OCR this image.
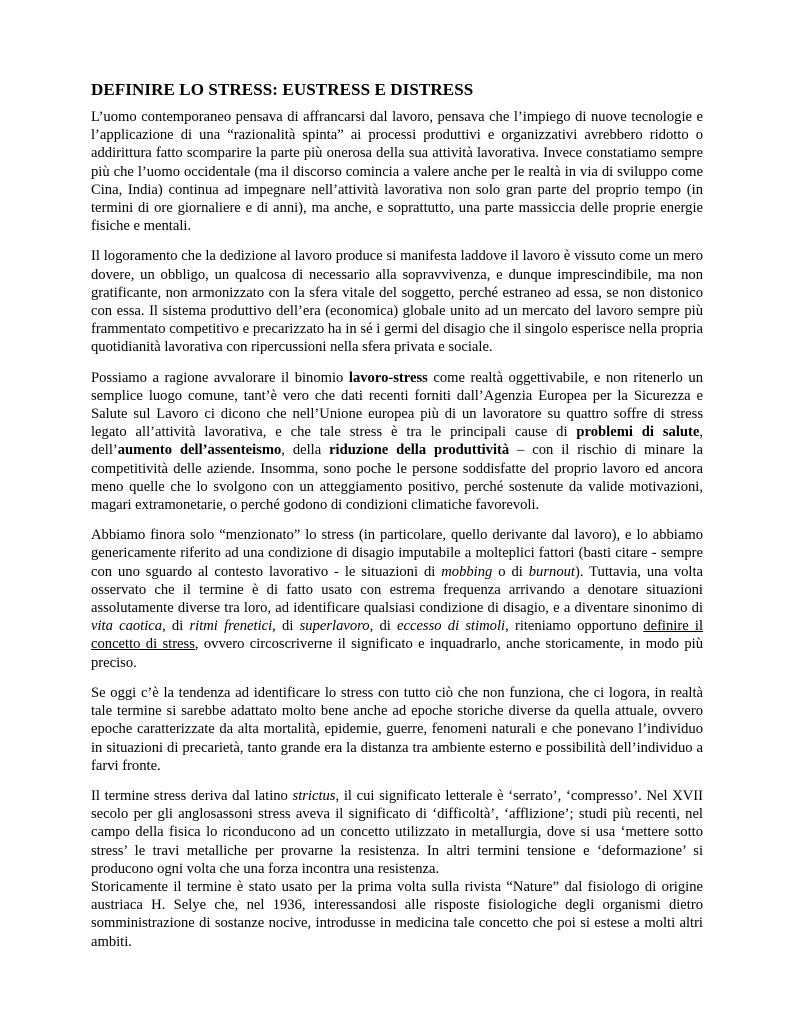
DEFINIRE LO STRESS: EUSTRESS E DISTRESS

L’uomo contemporaneo pensava di affrancarsi dal lavoro, pensava che l’impiego di nuove tecnologie e l’applicazione di una “razionalità spinta” ai processi produttivi e organizzativi avrebbero ridotto o addirittura fatto scomparire la parte più onerosa della sua attività lavorativa. Invece constatiamo sempre più che l’uomo occidentale (ma il discorso comincia a valere anche per le realtà in via di sviluppo come Cina, India) continua ad impegnare nell’attività lavorativa non solo gran parte del proprio tempo (in termini di ore giornaliere e di anni), ma anche, e soprattutto, una parte massiccia delle proprie energie fisiche e mentali.

Il logoramento che la dedizione al lavoro produce si manifesta laddove il lavoro è vissuto come un mero dovere, un obbligo, un qualcosa di necessario alla sopravvivenza, e dunque imprescindibile, ma non gratificante, non armonizzato con la sfera vitale del soggetto, perché estraneo ad essa, se non distonico con essa. Il sistema produttivo dell’era (economica) globale unito ad un mercato del lavoro sempre più frammentato competitivo e precarizzato ha in sé i germi del disagio che il singolo esperisce nella propria quotidianità lavorativa con ripercussioni nella sfera privata e sociale.

Possiamo a ragione avvalorare il binomio lavoro-stress come realtà oggettivabile, e non ritenerlo un semplice luogo comune, tant’è vero che dati recenti forniti dall’Agenzia Europea per la Sicurezza e Salute sul Lavoro ci dicono che nell’Unione europea più di un lavoratore su quattro soffre di stress legato all’attività lavorativa, e che tale stress è tra le principali cause di problemi di salute, dell’aumento dell’assenteismo, della riduzione della produttività – con il rischio di minare la competitività delle aziende. Insomma, sono poche le persone soddisfatte del proprio lavoro ed ancora meno quelle che lo svolgono con un atteggiamento positivo, perché sostenute da valide motivazioni, magari extramonetarie, o perché godono di condizioni climatiche favorevoli.

Abbiamo finora solo “menzionato” lo stress (in particolare, quello derivante dal lavoro), e lo abbiamo genericamente riferito ad una condizione di disagio imputabile a molteplici fattori (basti citare - sempre con uno sguardo al contesto lavorativo - le situazioni di mobbing o di burnout). Tuttavia, una volta osservato che il termine è di fatto usato con estrema frequenza arrivando a denotare situazioni assolutamente diverse tra loro, ad identificare qualsiasi condizione di disagio, e a diventare sinonimo di vita caotica, di ritmi frenetici, di superlavoro, di eccesso di stimoli, riteniamo opportuno definire il concetto di stress, ovvero circoscriverne il significato e inquadrarlo, anche storicamente, in modo più preciso.

Se oggi c’è la tendenza ad identificare lo stress con tutto ciò che non funziona, che ci logora, in realtà tale termine si sarebbe adattato molto bene anche ad epoche storiche diverse da quella attuale, ovvero epoche caratterizzate da alta mortalità, epidemie, guerre, fenomeni naturali e che ponevano l’individuo in situazioni di precarietà, tanto grande era la distanza tra ambiente esterno e possibilità dell’individuo a farvi fronte.

Il termine stress deriva dal latino strictus, il cui significato letterale è ‘serrato’, ‘compresso’. Nel XVII secolo per gli anglosassoni stress aveva il significato di ‘difficoltà’, ‘afflizione’; studi più recenti, nel campo della fisica lo riconducono ad un concetto utilizzato in metallurgia, dove si usa ‘mettere sotto stress’ le travi metalliche per provarne la resistenza. In altri termini tensione e ‘deformazione’ si producono ogni volta che una forza incontra una resistenza.

Storicamente il termine è stato usato per la prima volta sulla rivista “Nature” dal fisiologo di origine austriaca H. Selye che, nel 1936, interessandosi alle risposte fisiologiche degli organismi dietro somministrazione di sostanze nocive, introdusse in medicina tale concetto che poi si estese a molti altri ambiti.
